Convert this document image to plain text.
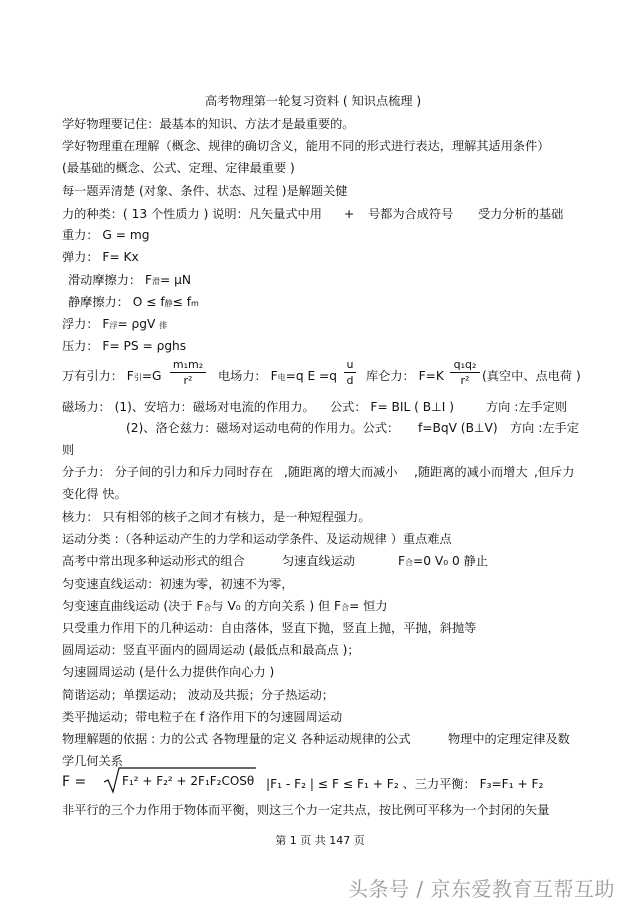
高考物理第一轮复习资料 ( 知识点梳理 )
学好物理要记住：最基本的知识、方法才是最重要的。
学好物理重在理解（概念、规律的确切含义，能用不同的形式进行表达，理解其适用条件）
(最基础的概念、公式、定理、定律最重要 )
每一题弄清楚 (对象、条件、状态、过程 )是解题关健
力的种类：( 13 个性质力 ) 说明：凡矢量式中用 + 号都为合成符号 受力分析的基础
重力： G = mg
弹力： F= Kx
滑动摩擦力： F滑= μN
静摩擦力： O ≤ f静≤ fm
浮力： F浮= ρgV 排
压力： F= PS = ρghs
万有引力： F引=G
m₁m₂
r²	电场力： F电=q E =q
u
d 库仑力： F=K
q₁q₂
r²	(真空中、点电荷 )
磁场力： (1)、安培力：磁场对电流的作用力。 公式： F= BIL ( B⊥I )	方向 :左手定则
(2)、洛仑兹力：磁场对运动电荷的作用力。公式： f=BqV (B⊥V) 方向 :左手定
则
分子力： 分子间的引力和斥力同时存在 ,随距离的增大而减小 ,随距离的减小而增大 ,但斥力
变化得 快。
核力： 只有相邻的核子之间才有核力，是一种短程强力。
运动分类 :（各种运动产生的力学和运动学条件、及运动规律 ）重点难点
高考中常出现多种运动形式的组合	匀速直线运动	F合=0 V₀ 0 静止
匀变速直线运动：初速为零，初速不为零，
匀变速直曲线运动 (决于 F合与 V₀ 的方向关系 ) 但 F合= 恒力
只受重力作用下的几种运动：自由落体，竖直下抛，竖直上抛，平抛，斜抛等
圆周运动：竖直平面内的圆周运动 (最低点和最高点 )；
匀速圆周运动 (是什么力提供作向心力 )
简谐运动；单摆运动； 波动及共振；分子热运动；
类平抛运动；带电粒子在 f 洛作用下的匀速圆周运动
物理解题的依据 : 力的公式 各物理量的定义 各种运动规律的公式	物理中的定理定律及数
学几何关系
F =	F₁² + F₂² + 2F₁F₂COSθ |F₁ - F₂ | ≤ F ≤ F₁ + F₂ 、三力平衡： F₃=F₁ + F₂
非平行的三个力作用于物体而平衡，则这三个力一定共点，按比例可平移为一个封闭的矢量
第 1 页 共 147 页
头条号 / 京东爱教育互帮互助
